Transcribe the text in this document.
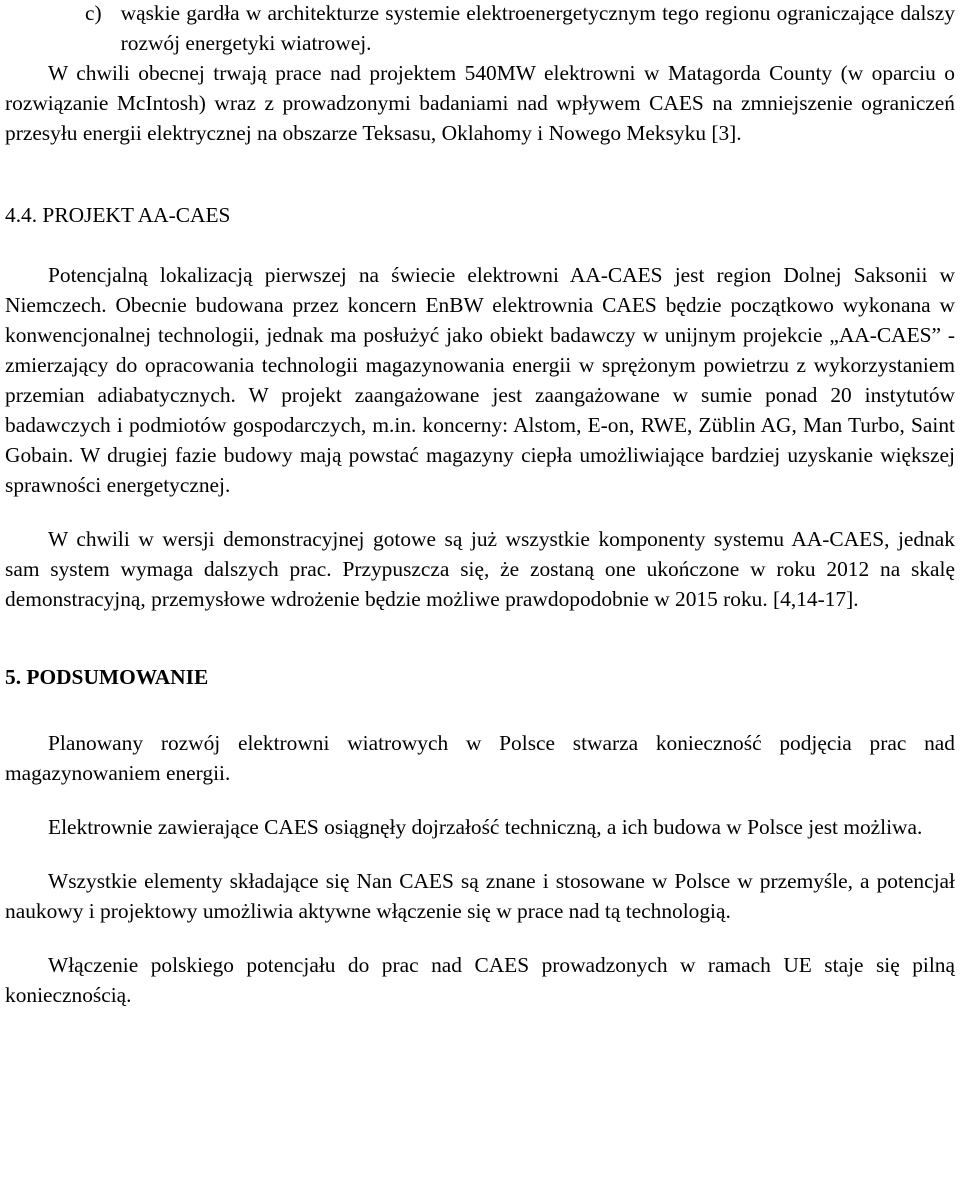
c) wąskie gardła w architekturze systemie elektroenergetycznym tego regionu ograniczające dalszy rozwój energetyki wiatrowej.

W chwili obecnej trwają prace nad projektem 540MW elektrowni w Matagorda County (w oparciu o rozwiązanie McIntosh) wraz z prowadzonymi badaniami nad wpływem CAES na zmniejszenie ograniczeń przesyłu energii elektrycznej na obszarze Teksasu, Oklahomy i Nowego Meksyku [3].

4.4. PROJEKT AA-CAES

Potencjalną lokalizacją pierwszej na świecie elektrowni AA-CAES jest region Dolnej Saksonii w Niemczech. Obecnie budowana przez koncern EnBW elektrownia CAES będzie początkowo wykonana w konwencjonalnej technologii, jednak ma posłużyć jako obiekt badawczy w unijnym projekcie „AA-CAES” - zmierzający do opracowania technologii magazynowania energii w sprężonym powietrzu z wykorzystaniem przemian adiabatycznych. W projekt zaangażowane jest zaangażowane w sumie ponad 20 instytutów badawczych i podmiotów gospodarczych, m.in. koncerny: Alstom, E-on, RWE, Züblin AG, Man Turbo, Saint Gobain. W drugiej fazie budowy mają powstać magazyny ciepła umożliwiające bardziej uzyskanie większej sprawności energetycznej.

W chwili w wersji demonstracyjnej gotowe są już wszystkie komponenty systemu AA-CAES, jednak sam system wymaga dalszych prac. Przypuszcza się, że zostaną one ukończone w roku 2012 na skalę demonstracyjną, przemysłowe wdrożenie będzie możliwe prawdopodobnie w 2015 roku. [4,14-17].

5. PODSUMOWANIE

Planowany rozwój elektrowni wiatrowych w Polsce stwarza konieczność podjęcia prac nad magazynowaniem energii.

Elektrownie zawierające CAES osiągnęły dojrzałość techniczną, a ich budowa w Polsce jest możliwa.

Wszystkie elementy składające się Nan CAES są znane i stosowane w Polsce w przemyśle, a potencjał naukowy i projektowy umożliwia aktywne włączenie się w prace nad tą technologią.

Włączenie polskiego potencjału do prac nad CAES prowadzonych w ramach UE staje się pilną koniecznością.
